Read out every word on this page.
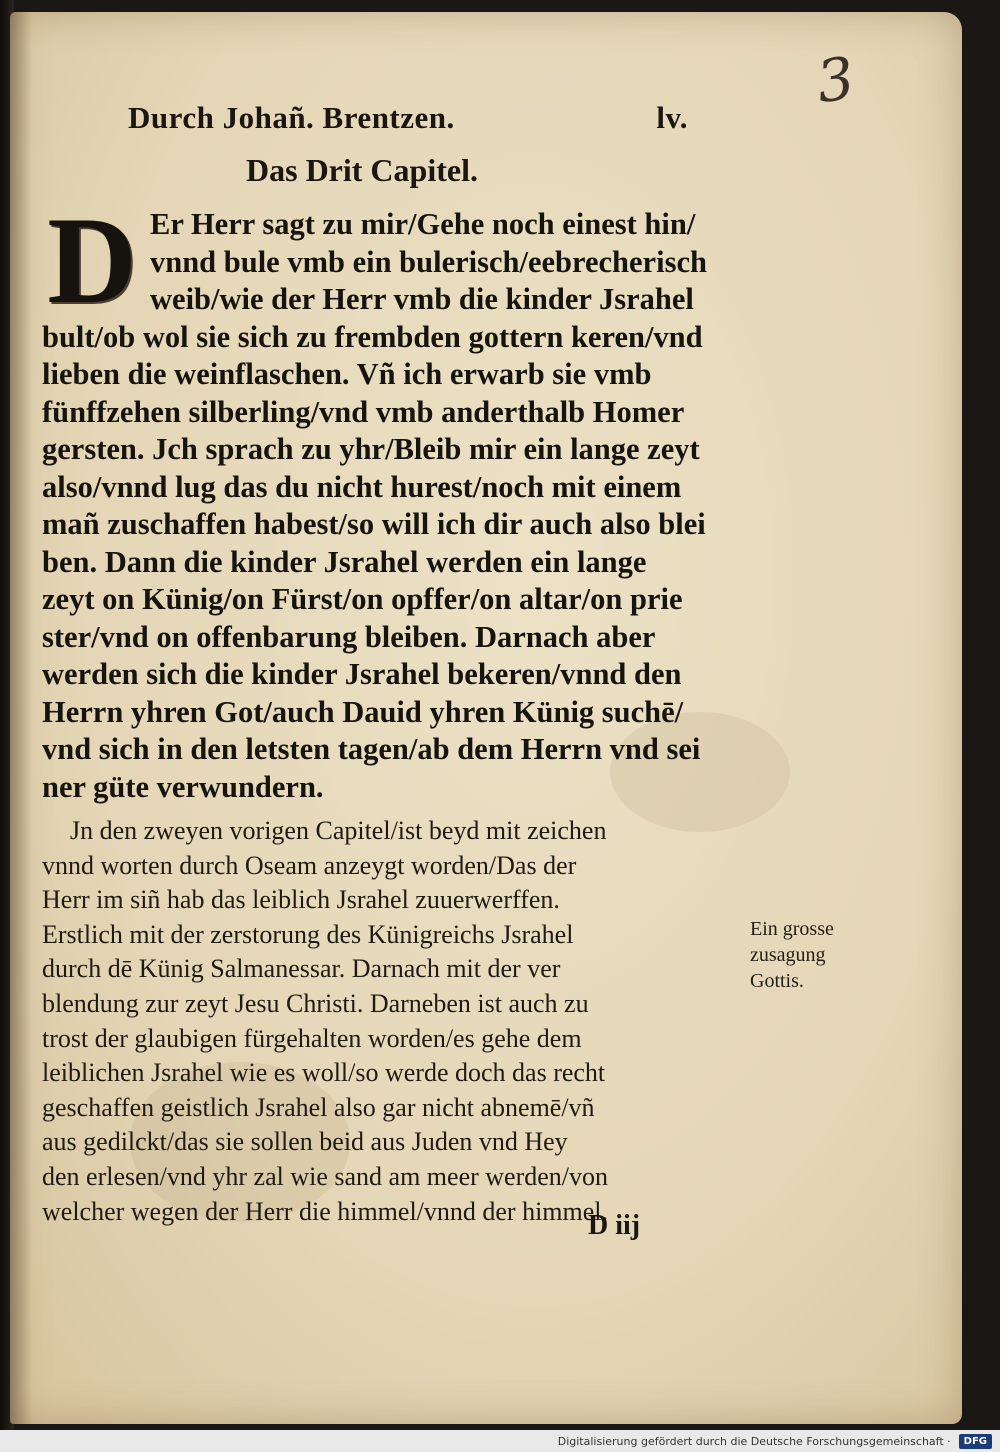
3
Durch Johañ. Brentzen.	lv.
Das Drit Capitel.
D Er Herr sagt zu mir/Gehe noch einest hin/
vnnd bule vmb ein bulerisch/eebrecherisch
weib/wie der Herr vmb die kinder Jsrahel
bult/ob wol sie sich zu frembden gottern keren/vnd
lieben die weinflaschen. Vñ ich erwarb sie vmb
fünffzehen silberling/vnd vmb anderthalb Homer
gersten. Jch sprach zu yhr/Bleib mir ein lange zeyt
also/vnnd lug das du nicht hurest/noch mit einem
mañ zuschaffen habest/so will ich dir auch also blei
ben. Dann die kinder Jsrahel werden ein lange
zeyt on Künig/on Fürst/on opffer/on altar/on prie
ster/vnd on offenbarung bleiben. Darnach aber
werden sich die kinder Jsrahel bekeren/vnnd den
Herrn yhren Got/auch Dauid yhren Künig suchē/
vnd sich in den letsten tagen/ab dem Herrn vnd sei
ner güte verwundern.
Jn den zweyen vorigen Capitel/ist beyd mit zeichen
vnnd worten durch Oseam anzeygt worden/Das der
Herr im siñ hab das leiblich Jsrahel zuuerwerffen.
Erstlich mit der zerstorung des Künigreichs Jsrahel
durch dē Künig Salmanessar. Darnach mit der ver
blendung zur zeyt Jesu Christi. Darneben ist auch zu
trost der glaubigen fürgehalten worden/es gehe dem
leiblichen Jsrahel wie es woll/so werde doch das recht
geschaffen geistlich Jsrahel also gar nicht abnemē/vñ
aus gedilckt/das sie sollen beid aus Juden vnd Hey
den erlesen/vnd yhr zal wie sand am meer werden/von
welcher wegen der Herr die himmel/vnnd der himmel.
Ein grosse
zusagung
Gottis.
D iij
Digitalisierung gefördert durch die Deutsche Forschungsgemeinschaft ·	DFG
